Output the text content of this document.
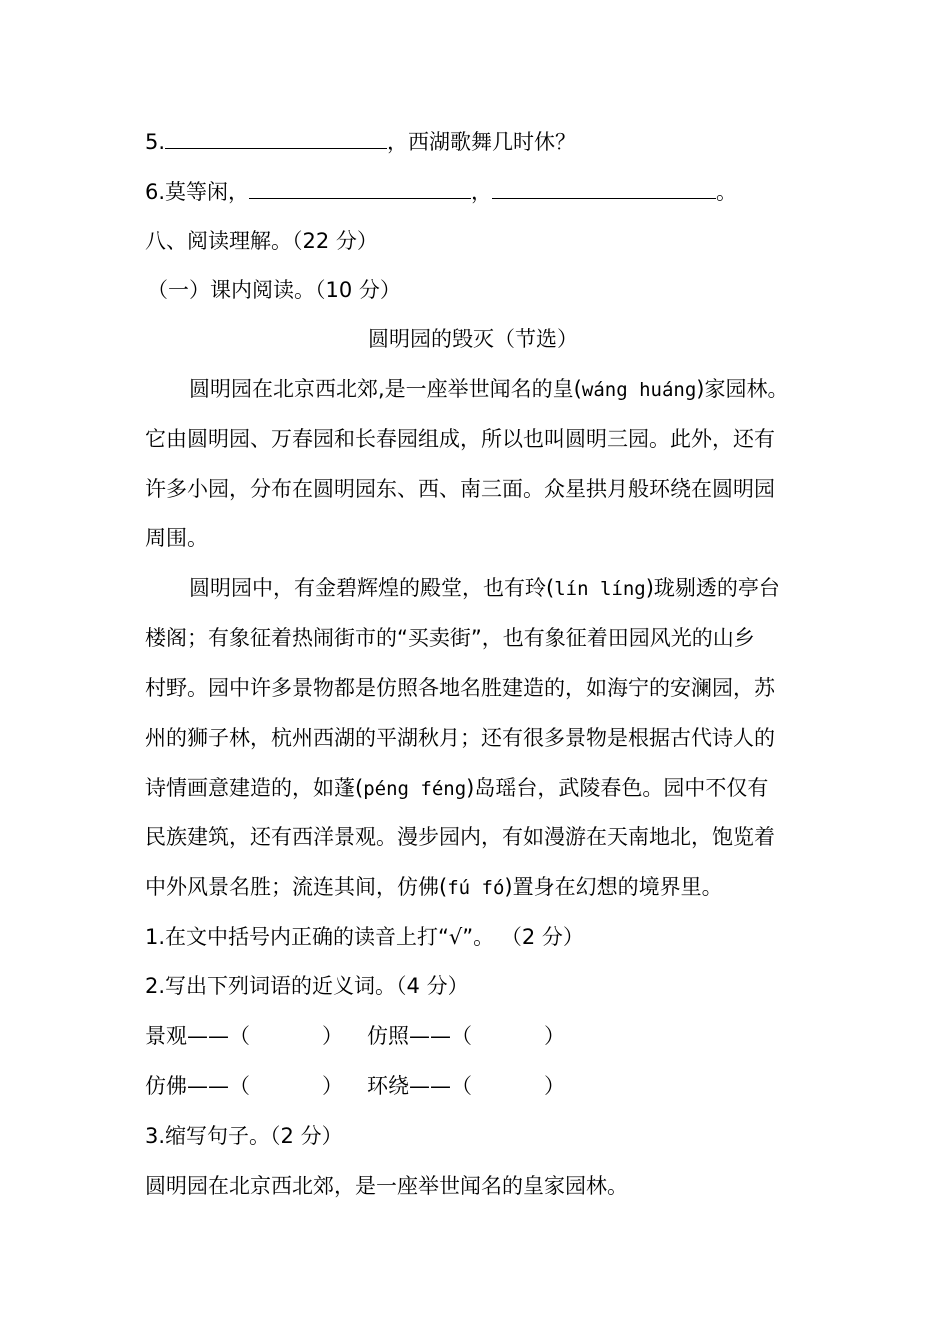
5.	，西湖歌舞几时休？
6.莫等闲，	，	。
八、阅读理解。（22 分）
（一）课内阅读。（10 分）
圆明园的毁灭（节选）
圆明园在北京西北郊,是一座举世闻名的皇(wáng huáng)家园林。
它由圆明园、万春园和长春园组成，所以也叫圆明三园。此外，还有
许多小园，分布在圆明园东、西、南三面。众星拱月般环绕在圆明园
周围。
圆明园中，有金碧辉煌的殿堂，也有玲(lín líng)珑剔透的亭台
楼阁；有象征着热闹街市的“买卖街”，也有象征着田园风光的山乡
村野。园中许多景物都是仿照各地名胜建造的，如海宁的安澜园，苏
州的狮子林，杭州西湖的平湖秋月；还有很多景物是根据古代诗人的
诗情画意建造的，如蓬(péng féng)岛瑶台，武陵春色。园中不仅有
民族建筑，还有西洋景观。漫步园内，有如漫游在天南地北，饱览着
中外风景名胜；流连其间，仿佛(fú fó)置身在幻想的境界里。
1.在文中括号内正确的读音上打“√”。 （2 分）
2.写出下列词语的近义词。（4 分）
景观——（	） 仿照——（	）
仿佛——（	） 环绕——（	）
3.缩写句子。（2 分）
圆明园在北京西北郊，是一座举世闻名的皇家园林。
